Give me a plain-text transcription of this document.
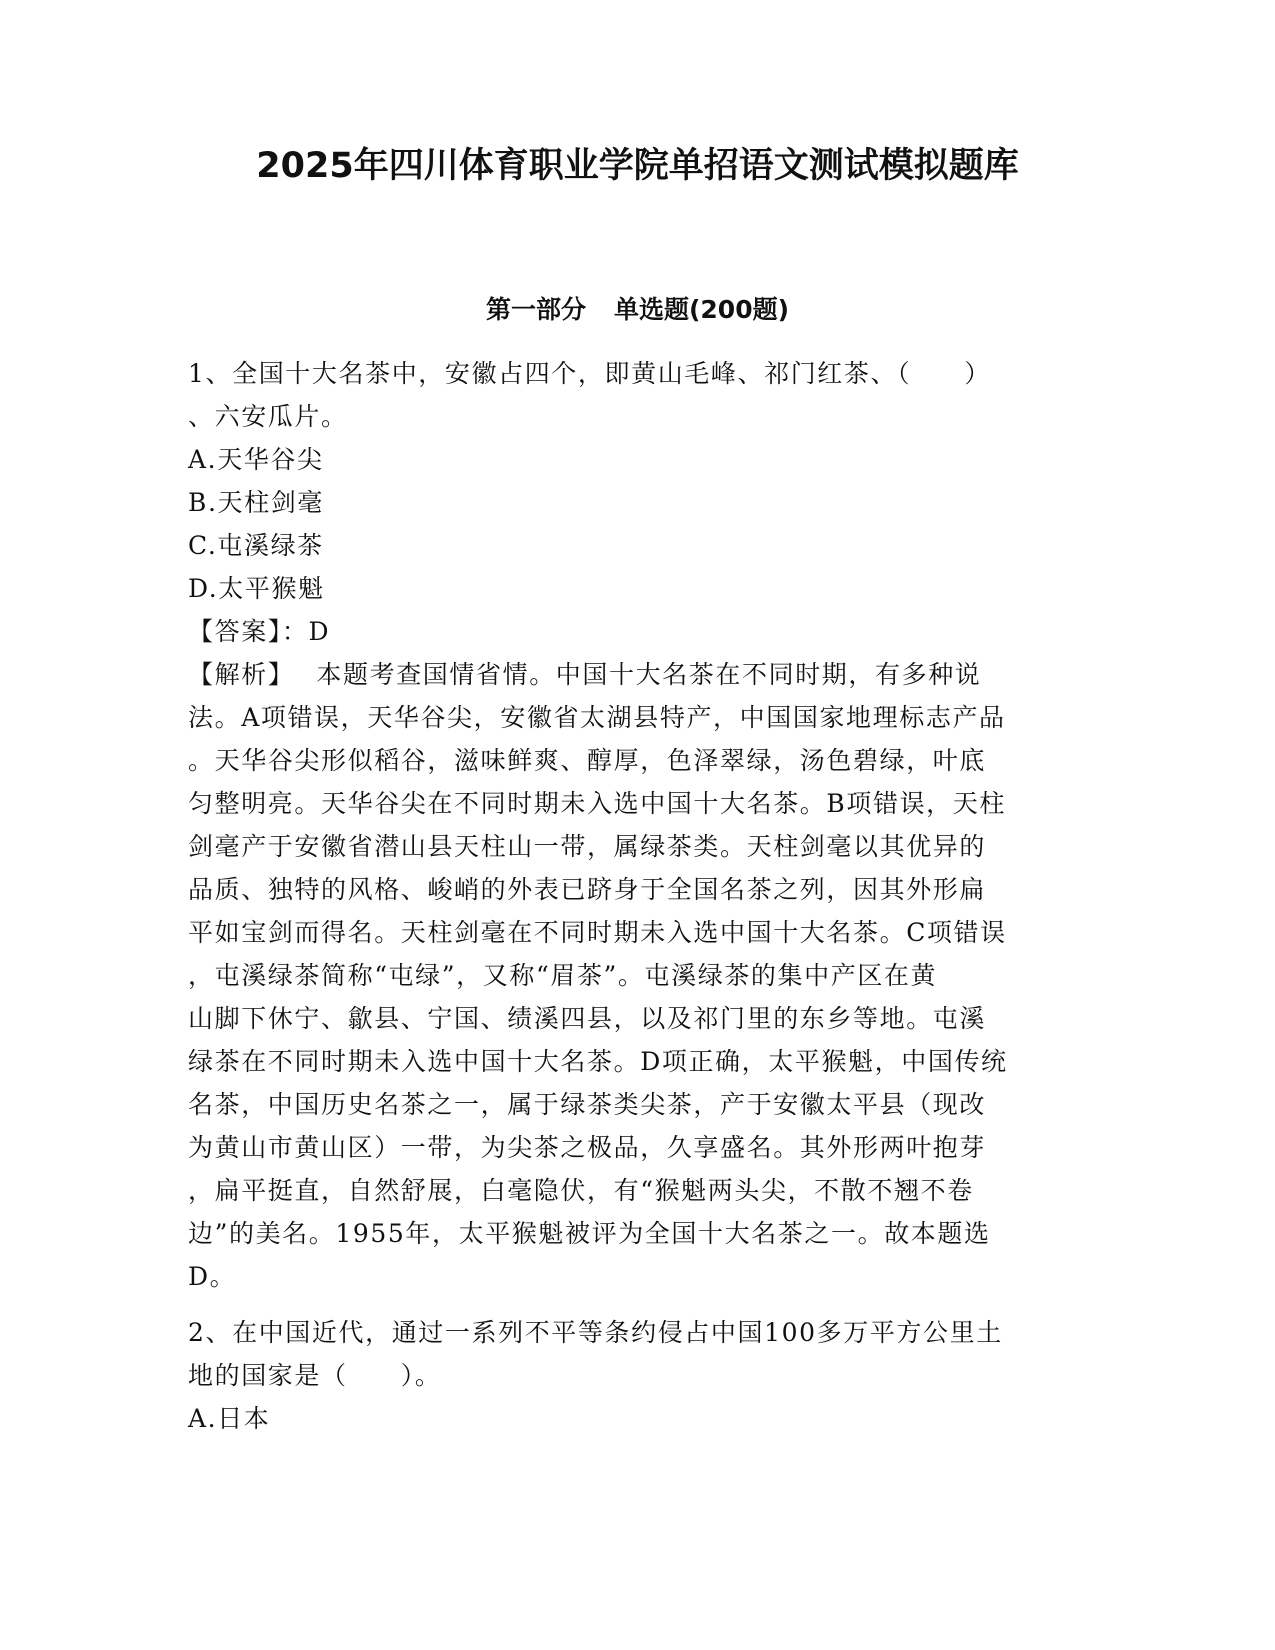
2025年四川体育职业学院单招语文测试模拟题库
第一部分 单选题(200题)
1、全国十大名茶中，安徽占四个，即黄山毛峰、祁门红茶、（　　）
、六安瓜片。
A.天华谷尖
B.天柱剑毫
C.屯溪绿茶
D.太平猴魁
【答案】：D
【解析】 本题考查国情省情。中国十大名茶在不同时期，有多种说
法。A项错误，天华谷尖，安徽省太湖县特产，中国国家地理标志产品
。天华谷尖形似稻谷，滋味鲜爽、醇厚，色泽翠绿，汤色碧绿，叶底
匀整明亮。天华谷尖在不同时期未入选中国十大名茶。B项错误，天柱
剑毫产于安徽省潜山县天柱山一带，属绿茶类。天柱剑毫以其优异的
品质、独特的风格、峻峭的外表已跻身于全国名茶之列，因其外形扁
平如宝剑而得名。天柱剑毫在不同时期未入选中国十大名茶。C项错误
，屯溪绿茶简称“屯绿”，又称“眉茶”。屯溪绿茶的集中产区在黄
山脚下休宁、歙县、宁国、绩溪四县，以及祁门里的东乡等地。屯溪
绿茶在不同时期未入选中国十大名茶。D项正确，太平猴魁，中国传统
名茶，中国历史名茶之一，属于绿茶类尖茶，产于安徽太平县（现改
为黄山市黄山区）一带，为尖茶之极品，久享盛名。其外形两叶抱芽
，扁平挺直，自然舒展，白毫隐伏，有“猴魁两头尖，不散不翘不卷
边”的美名。1955年，太平猴魁被评为全国十大名茶之一。故本题选
D。
2、在中国近代，通过一系列不平等条约侵占中国100多万平方公里土
地的国家是（　　）。
A.日本
